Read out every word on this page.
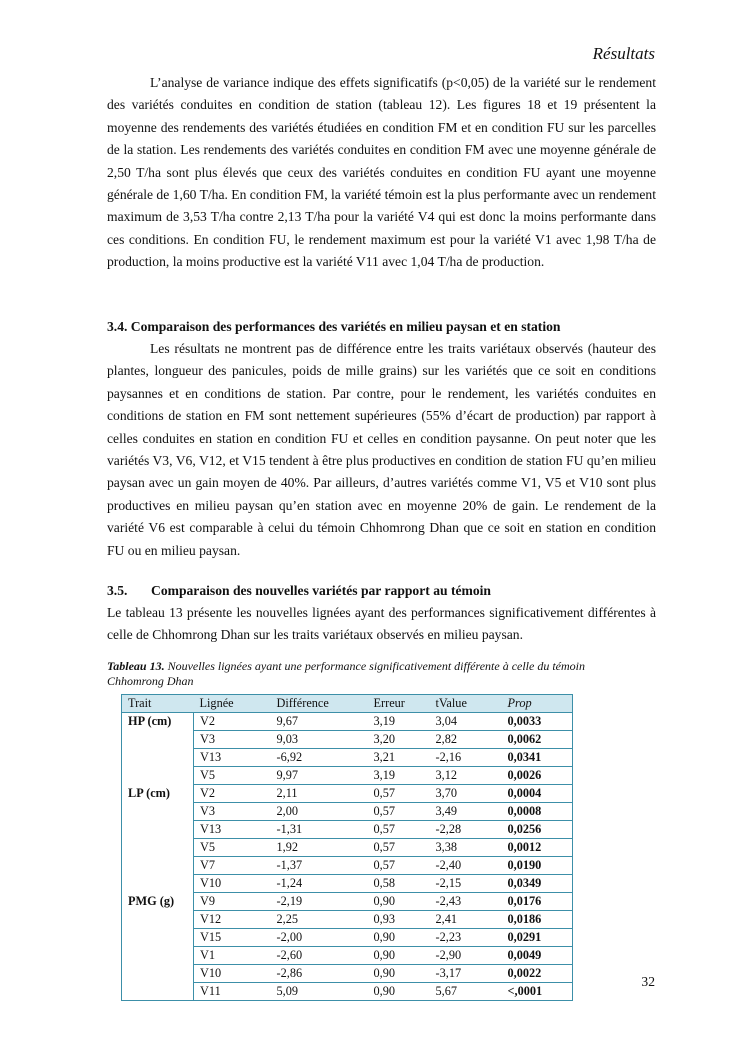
Résultats

L’analyse de variance indique des effets significatifs (p<0,05) de la variété sur le rendement des variétés conduites en condition de station (tableau 12). Les figures 18 et 19 présentent la moyenne des rendements des variétés étudiées en condition FM et en condition FU sur les parcelles de la station. Les rendements des variétés conduites en condition FM avec une moyenne générale de 2,50 T/ha sont plus élevés que ceux des variétés conduites en condition FU ayant une moyenne générale de 1,60 T/ha. En condition FM, la variété témoin est la plus performante avec un rendement maximum de 3,53 T/ha contre 2,13 T/ha pour la variété V4 qui est donc la moins performante dans ces conditions. En condition FU, le rendement maximum est pour la variété V1 avec 1,98 T/ha de production, la moins productive est la variété V11 avec 1,04 T/ha de production.

3.4. Comparaison des performances des variétés en milieu paysan et en station

Les résultats ne montrent pas de différence entre les traits variétaux observés (hauteur des plantes, longueur des panicules, poids de mille grains) sur les variétés que ce soit en conditions paysannes et en conditions de station. Par contre, pour le rendement, les variétés conduites en conditions de station en FM sont nettement supérieures (55% d’écart de production) par rapport à celles conduites en station en condition FU et celles en condition paysanne. On peut noter que les variétés V3, V6, V12, et V15 tendent à être plus productives en condition de station FU qu’en milieu paysan avec un gain moyen de 40%. Par ailleurs, d’autres variétés comme V1, V5 et V10 sont plus productives en milieu paysan qu’en station avec en moyenne 20% de gain. Le rendement de la variété V6 est comparable à celui du témoin Chhomrong Dhan que ce soit en station en condition FU ou en milieu paysan.

3.5. Comparaison des nouvelles variétés par rapport au témoin

Le tableau 13 présente les nouvelles lignées ayant des performances significativement différentes à celle de Chhomrong Dhan sur les traits variétaux observés en milieu paysan.

Tableau 13. Nouvelles lignées ayant une performance significativement différente à celle du témoin Chhomrong Dhan
Trait	Lignée	Différence	Erreur	tValue	Prop
HP (cm)	V2	9,67	3,19	3,04	0,0033
	V3	9,03	3,20	2,82	0,0062
	V13	-6,92	3,21	-2,16	0,0341
	V5	9,97	3,19	3,12	0,0026
LP (cm)	V2	2,11	0,57	3,70	0,0004
	V3	2,00	0,57	3,49	0,0008
	V13	-1,31	0,57	-2,28	0,0256
	V5	1,92	0,57	3,38	0,0012
	V7	-1,37	0,57	-2,40	0,0190
	V10	-1,24	0,58	-2,15	0,0349
PMG (g)	V9	-2,19	0,90	-2,43	0,0176
	V12	2,25	0,93	2,41	0,0186
	V15	-2,00	0,90	-2,23	0,0291
	V1	-2,60	0,90	-2,90	0,0049
	V10	-2,86	0,90	-3,17	0,0022
	V11	5,09	0,90	5,67	<,0001
32
